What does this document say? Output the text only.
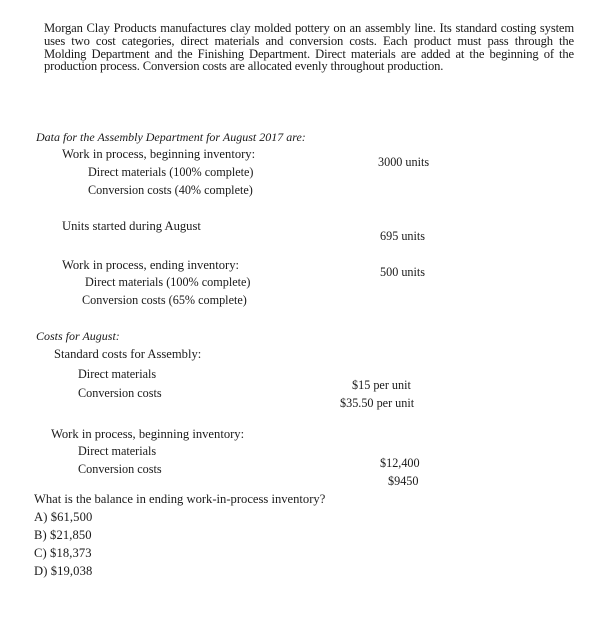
Morgan Clay Products manufactures clay molded pottery on an assembly line. Its standard costing system uses two cost categories, direct materials and conversion costs. Each product must pass through the Molding Department and the Finishing Department. Direct materials are added at the beginning of the production process. Conversion costs are allocated evenly throughout production.
Data for the Assembly Department for August 2017 are:
Work in process, beginning inventory:
3000 units
Direct materials (100% complete)
Conversion costs (40% complete)
Units started during August
695 units
Work in process, ending inventory:	500 units
Direct materials (100% complete)
Conversion costs (65% complete)
Costs for August:
Standard costs for Assembly:
Direct materials
$15 per unit
Conversion costs
$35.50 per unit
Work in process, beginning inventory:
Direct materials
$12,400
Conversion costs
$9450
What is the balance in ending work-in-process inventory?
A) $61,500
B) $21,850
C) $18,373
D) $19,038
